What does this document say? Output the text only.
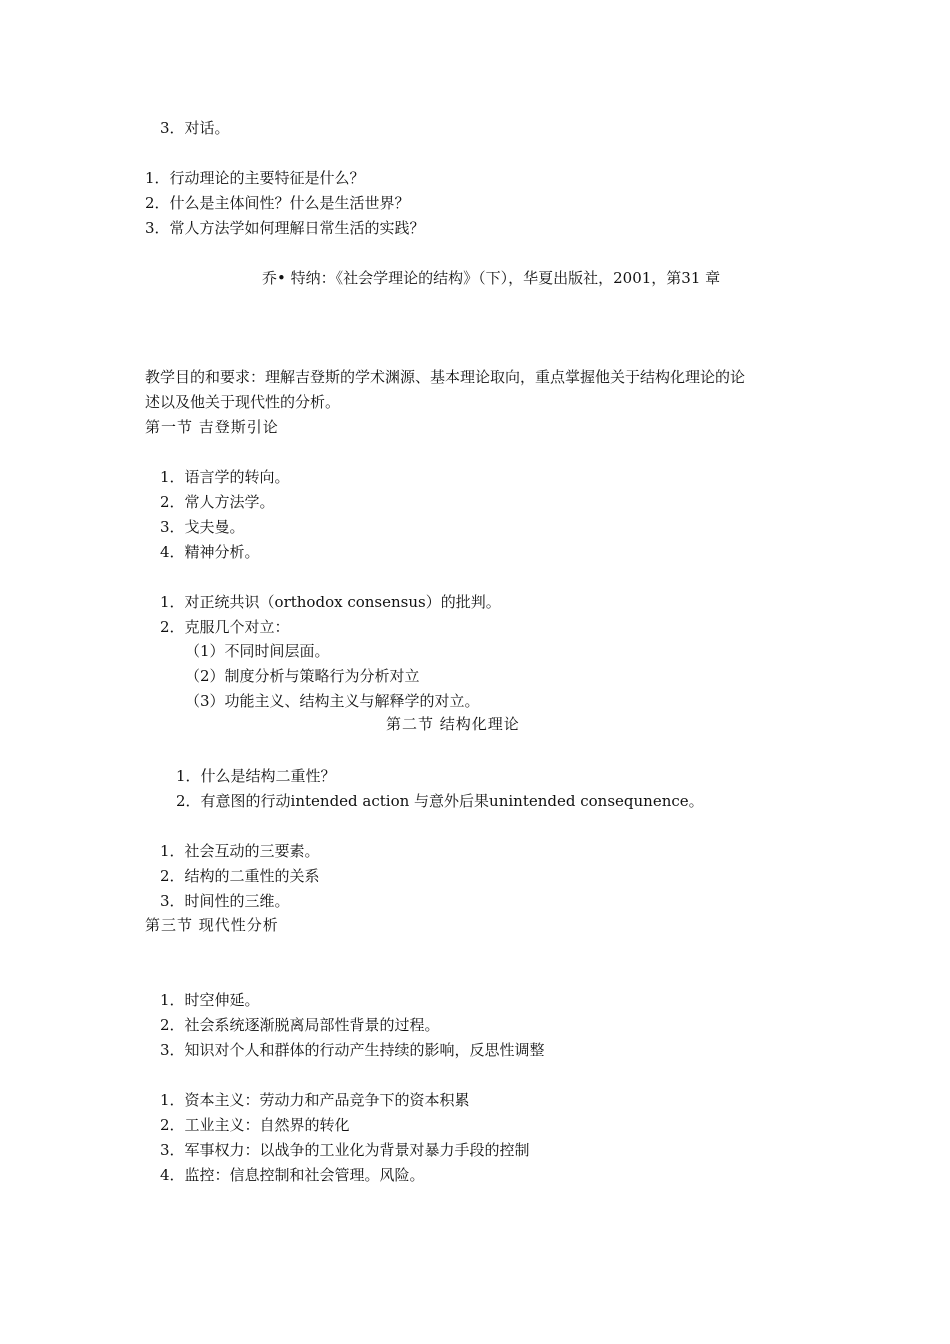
3．对话。
1．行动理论的主要特征是什么？
2．什么是主体间性？什么是生活世界？
3．常人方法学如何理解日常生活的实践？
乔• 特纳：《社会学理论的结构》（下），华夏出版社，2001，第31 章
教学目的和要求：理解吉登斯的学术渊源、基本理论取向，重点掌握他关于结构化理论的论
述以及他关于现代性的分析。
第一节 吉登斯引论
1．语言学的转向。
2．常人方法学。
3．戈夫曼。
4．精神分析。
1．对正统共识（orthodox consensus）的批判。
2．克服几个对立：
（1）不同时间层面。
（2）制度分析与策略行为分析对立
（3）功能主义、结构主义与解释学的对立。
第二节 结构化理论
1．什么是结构二重性？
2．有意图的行动intended action 与意外后果unintended consequnence。
1．社会互动的三要素。
2．结构的二重性的关系
3．时间性的三维。
第三节 现代性分析
1．时空伸延。
2．社会系统逐渐脱离局部性背景的过程。
3．知识对个人和群体的行动产生持续的影响，反思性调整
1．资本主义：劳动力和产品竞争下的资本积累
2．工业主义：自然界的转化
3．军事权力：以战争的工业化为背景对暴力手段的控制
4．监控：信息控制和社会管理。风险。
